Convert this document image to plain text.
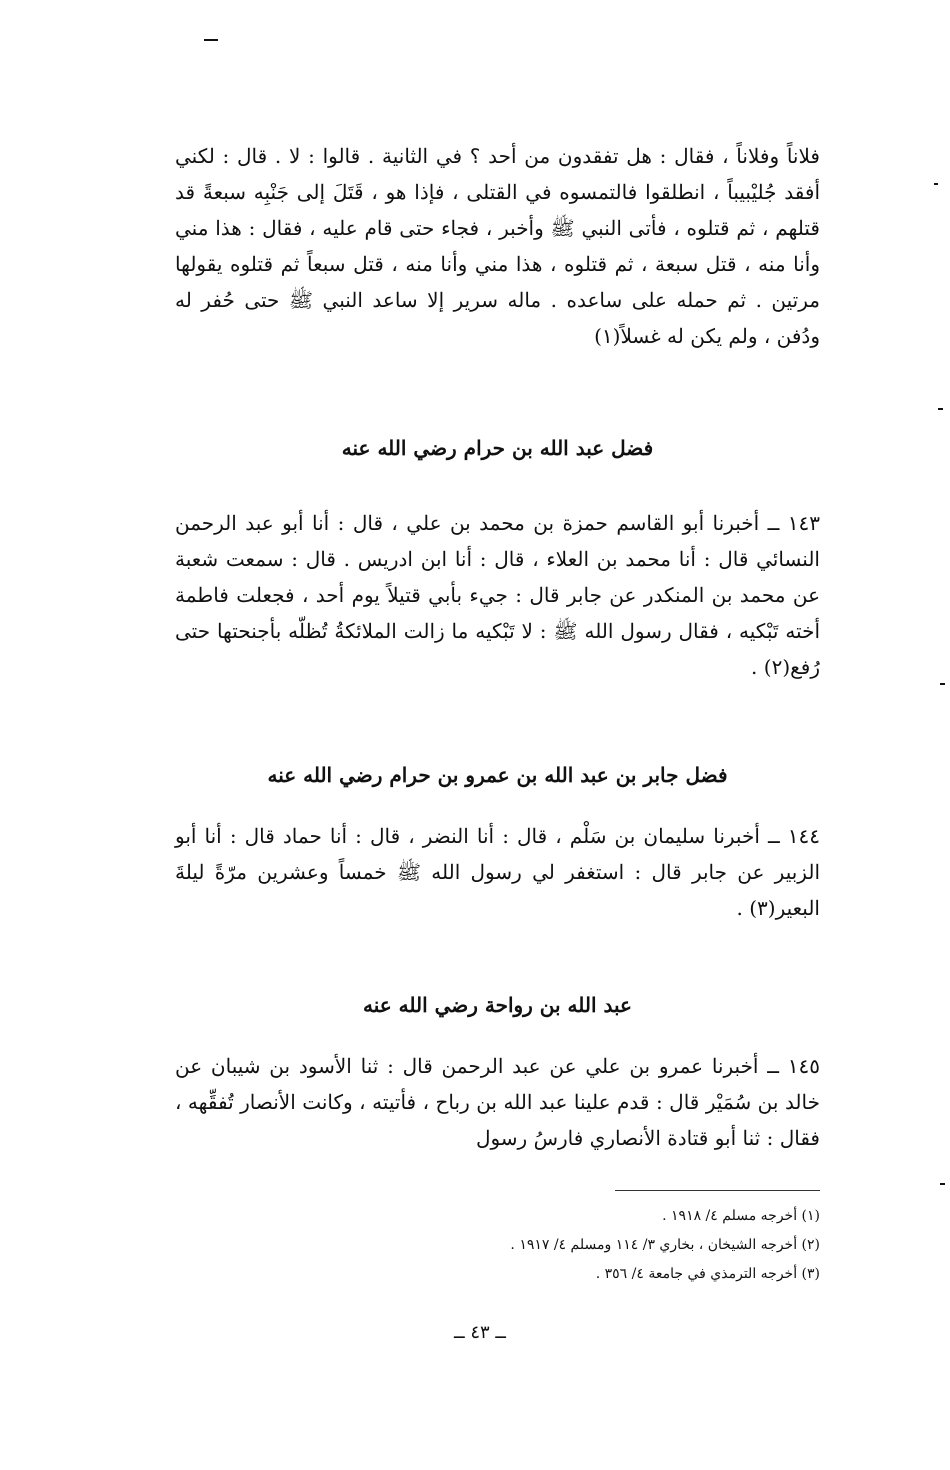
فلاناً وفلاناً ، فقال : هل تفقدون من أحد ؟ في الثانية . قالوا : لا . قال : لكني أفقد جُليْبيباً ، انطلقوا فالتمسوه في القتلى ، فإذا هو ، قَتَلَ إلى جَنْبِه سبعةً قد قتلهم ، ثم قتلوه ، فأتى النبي ﷺ وأخبر ، فجاء حتى قام عليه ، فقال : هذا مني وأنا منه ، قتل سبعة ، ثم قتلوه ، هذا مني وأنا منه ، قتل سبعاً ثم قتلوه يقولها مرتين . ثم حمله على ساعده . ماله سرير إلا ساعد النبي ﷺ حتى حُفر له ودُفن ، ولم يكن له غسلاً(١)

فضل عبد الله بن حرام رضي الله عنه

١٤٣ ــ أخبرنا أبو القاسم حمزة بن محمد بن علي ، قال : أنا أبو عبد الرحمن النسائي قال : أنا محمد بن العلاء ، قال : أنا ابن ادريس . قال : سمعت شعبة عن محمد بن المنكدر عن جابر قال : جيء بأبي قتيلاً يوم أحد ، فجعلت فاطمة أخته تَبْكيه ، فقال رسول الله ﷺ : لا تَبْكيه ما زالت الملائكةُ تُظلّه بأجنحتها حتى رُفع(٢) .

فضل جابر بن عبد الله بن عمرو بن حرام رضي الله عنه

١٤٤ ــ أخبرنا سليمان بن سَلْم ، قال : أنا النضر ، قال : أنا حماد قال : أنا أبو الزبير عن جابر قال : استغفر لي رسول الله ﷺ خمساً وعشرين مرّةً ليلةَ البعير(٣) .

عبد الله بن رواحة رضي الله عنه

١٤٥ ــ أخبرنا عمرو بن علي عن عبد الرحمن قال : ثنا الأسود بن شيبان عن خالد بن سُمَيْر قال : قدم علينا عبد الله بن رباح ، فأتيته ، وكانت الأنصار تُفقِّهه ، فقال : ثنا أبو قتادة الأنصاري فارسُ رسول

(١) أخرجه مسلم ٤/ ١٩١٨ .
(٢) أخرجه الشيخان ، بخاري ٣/ ١١٤ ومسلم ٤/ ١٩١٧ .
(٣) أخرجه الترمذي في جامعة ٤/ ٣٥٦ .
ــ ٤٣ ــ
